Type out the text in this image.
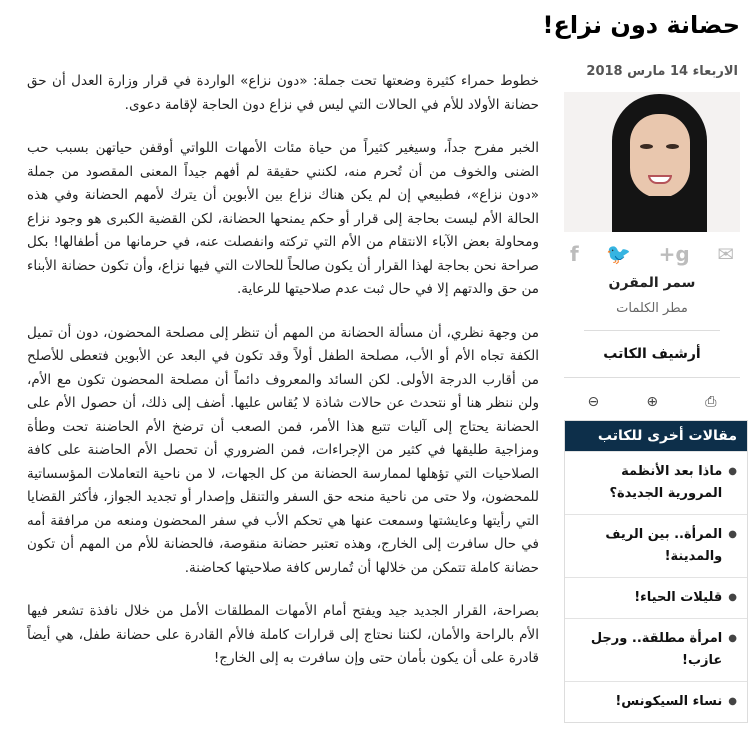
حضانة دون نزاع!
الاربعاء 14 مارس 2018
f 🐦 g+ ✉
سمر المقرن
مطر الكلمات
أرشيف الكاتب
⊖	⊕	⎙
مقالات أخرى للكاتب
●
ماذا بعد الأنظمة المرورية الجديدة؟
●
المرأة.. بين الريف والمدينة!
●
قليلات الحياء!
●
امرأة مطلقة.. ورجل عازب!
●
نساء السيكونس!

خطوط حمراء كثيرة وضعتها تحت جملة: «دون نزاع» الواردة في قرار وزارة العدل أن حق حضانة الأولاد للأم في الحالات التي ليس في نزاع دون الحاجة لإقامة دعوى.

الخبر مفرح جداً، وسيغير كثيراً من حياة مئات الأمهات اللواتي أوقفن حياتهن بسبب حب الضنى والخوف من أن تُحرم منه، لكنني حقيقة لم أفهم جيداً المعنى المقصود من جملة «دون نزاع»، فطبيعي إن لم يكن هناك نزاع بين الأبوين أن يترك لأمهم الحضانة وفي هذه الحالة الأم ليست بحاجة إلى قرار أو حكم يمنحها الحضانة، لكن القضية الكبرى هو وجود نزاع ومحاولة بعض الآباء الانتقام من الأم التي تركته وانفصلت عنه، في حرمانها من أطفالها! بكل صراحة نحن بحاجة لهذا القرار أن يكون صالحاً للحالات التي فيها نزاع، وأن تكون حضانة الأبناء من حق والدتهم إلا في حال ثبت عدم صلاحيتها للرعاية.

من وجهة نظري، أن مسألة الحضانة من المهم أن تنظر إلى مصلحة المحضون، دون أن تميل الكفة تجاه الأم أو الأب، مصلحة الطفل أولاً وقد تكون في البعد عن الأبوين فتعطى للأصلح من أقارب الدرجة الأولى. لكن السائد والمعروف دائماً أن مصلحة المحضون تكون مع الأم، ولن ننظر هنا أو نتحدث عن حالات شاذة لا يُقاس عليها. أضف إلى ذلك، أن حصول الأم على الحضانة يحتاج إلى آليات تتبع هذا الأمر، فمن الصعب أن ترضخ الأم الحاضنة تحت وطأة ومزاجية طليقها في كثير من الإجراءات، فمن الضروري أن تحصل الأم الحاضنة على كافة الصلاحيات التي تؤهلها لممارسة الحضانة من كل الجهات، لا من ناحية التعاملات المؤسساتية للمحضون، ولا حتى من ناحية منحه حق السفر والتنقل وإصدار أو تجديد الجواز، فأكثر القضايا التي رأيتها وعايشتها وسمعت عنها هي تحكم الأب في سفر المحضون ومنعه من مرافقة أمه في حال سافرت إلى الخارج، وهذه تعتبر حضانة منقوصة، فالحضانة للأم من المهم أن تكون حضانة كاملة تتمكن من خلالها أن تُمارس كافة صلاحيتها كحاضنة.

بصراحة، القرار الجديد جيد ويفتح أمام الأمهات المطلقات الأمل من خلال نافذة تشعر فيها الأم بالراحة والأمان، لكننا نحتاج إلى قرارات كاملة فالأم القادرة على حضانة طفل، هي أيضاً قادرة على أن يكون بأمان حتى وإن سافرت به إلى الخارج!
